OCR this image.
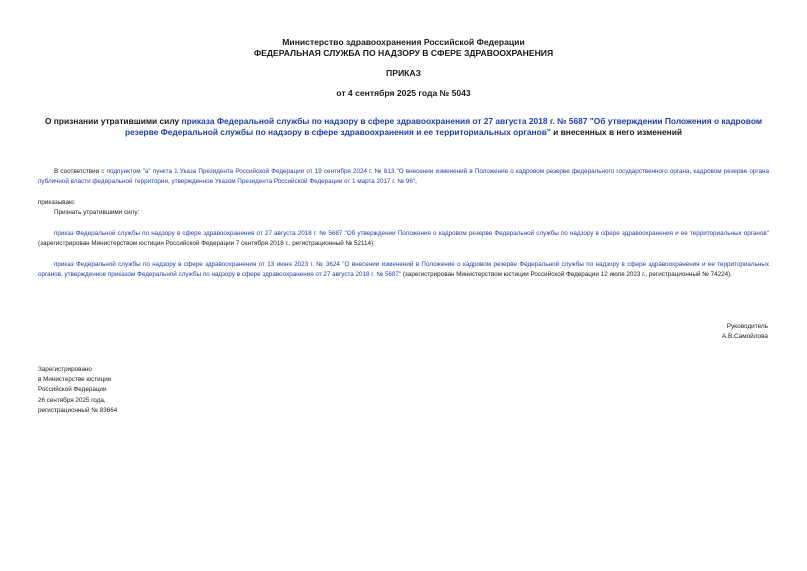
Министерство здравоохранения Российской Федерации
ФЕДЕРАЛЬНАЯ СЛУЖБА ПО НАДЗОРУ В СФЕРЕ ЗДРАВООХРАНЕНИЯ
ПРИКАЗ
от 4 сентября 2025 года № 5043
О признании утратившими силу приказа Федеральной службы по надзору в сфере здравоохранения от 27 августа 2018 г. № 5687 "Об утверждении Положения о кадровом резерве Федеральной службы по надзору в сфере здравоохранения и ее территориальных органов" и внесенных в него изменений
В соответствии с подпунктом "а" пункта 1 Указа Президента Российской Федерации от 19 сентября 2024 г. № 813 "О внесении изменений в Положение о кадровом резерве федерального государственного органа, кадровом резерве органа публичной власти федеральной территории, утвержденное Указом Президента Российской Федерации от 1 марта 2017 г. № 96",
приказываю:
Признать утратившими силу:
приказ Федеральной службы по надзору в сфере здравоохранения от 27 августа 2018 г. № 5687 "Об утверждении Положения о кадровом резерве Федеральной службы по надзору в сфере здравоохранения и ее территориальных органов" (зарегистрирован Министерством юстиции Российской Федерации 7 сентября 2018 г., регистрационный № 52114);
приказ Федеральной службы по надзору в сфере здравоохранения от 13 июня 2023 г. № 3624 "О внесении изменений в Положение о кадровом резерве Федеральной службы по надзору в сфере здравоохранения и ее территориальных органов, утвержденное приказом Федеральной службы по надзору в сфере здравоохранения от 27 августа 2018 г. № 5687" (зарегистрирован Министерством юстиции Российской Федерации 12 июля 2023 г., регистрационный № 74224).
Руководитель
А.В.Самойлова
Зарегистрировано
в Министерстве юстиции
Российской Федерации
26 сентября 2025 года,
регистрационный № 83664
